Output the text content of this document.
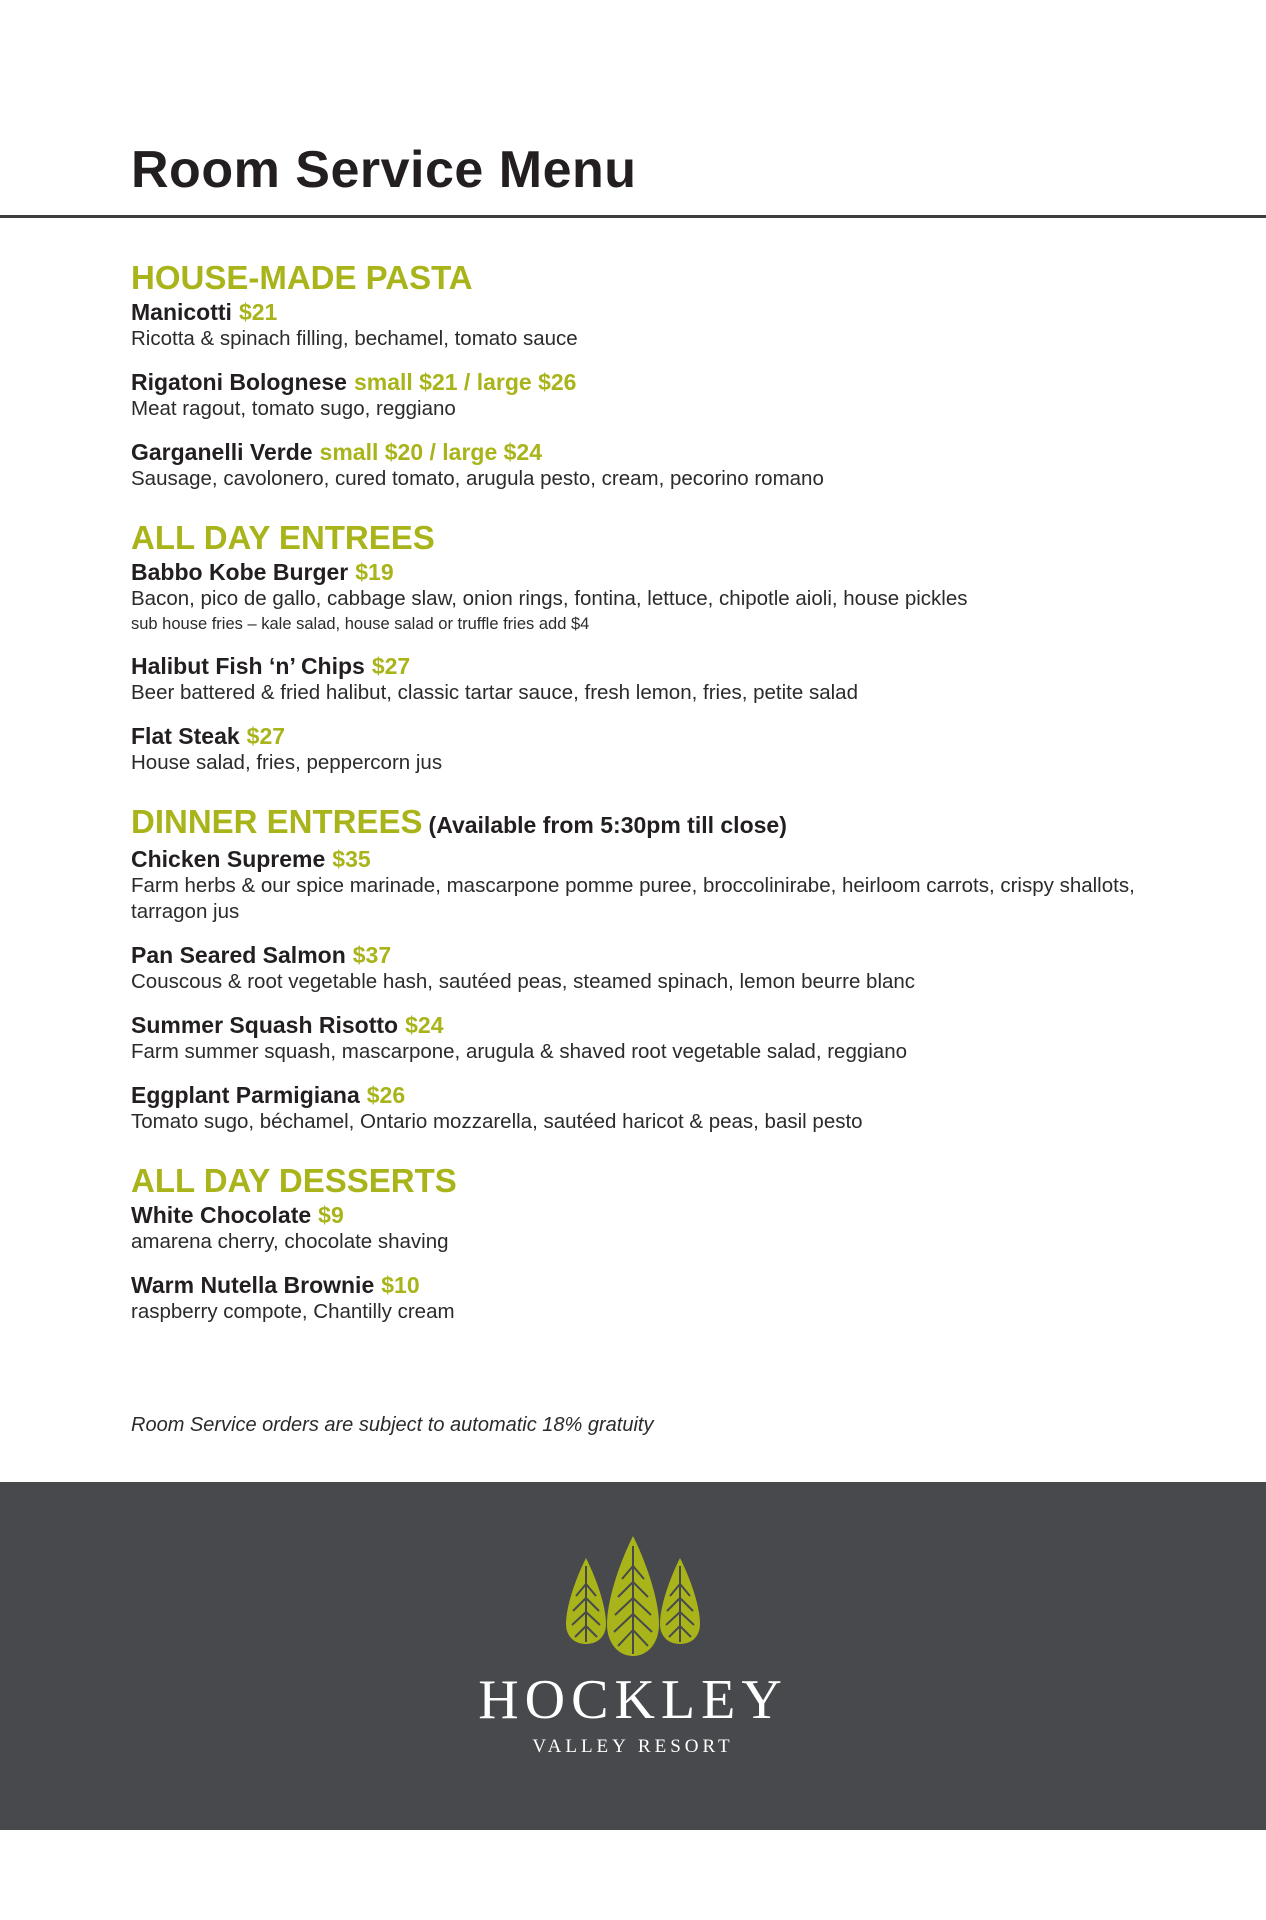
Room Service Menu
HOUSE-MADE PASTA
Manicotti $21
Ricotta & spinach filling, bechamel, tomato sauce
Rigatoni Bolognese small $21 / large $26
Meat ragout, tomato sugo, reggiano
Garganelli Verde small $20 / large $24
Sausage, cavolonero, cured tomato, arugula pesto, cream, pecorino romano
ALL DAY ENTREES
Babbo Kobe Burger $19
Bacon, pico de gallo, cabbage slaw, onion rings, fontina, lettuce, chipotle aioli, house pickles
sub house fries – kale salad, house salad or truffle fries add $4
Halibut Fish ‘n’ Chips $27
Beer battered & fried halibut, classic tartar sauce, fresh lemon, fries, petite salad
Flat Steak $27
House salad, fries, peppercorn jus
DINNER ENTREES (Available from 5:30pm till close)
Chicken Supreme $35
Farm herbs & our spice marinade, mascarpone pomme puree, broccolinirabe, heirloom carrots, crispy shallots, tarragon jus
Pan Seared Salmon $37
Couscous & root vegetable hash, sautéed peas, steamed spinach, lemon beurre blanc
Summer Squash Risotto $24
Farm summer squash, mascarpone, arugula & shaved root vegetable salad, reggiano
Eggplant Parmigiana $26
Tomato sugo, béchamel, Ontario mozzarella, sautéed haricot & peas, basil pesto
ALL DAY DESSERTS
White Chocolate $9
amarena cherry, chocolate shaving
Warm Nutella Brownie $10
raspberry compote, Chantilly cream
Room Service orders are subject to automatic 18% gratuity
HOCKLEY
VALLEY RESORT
